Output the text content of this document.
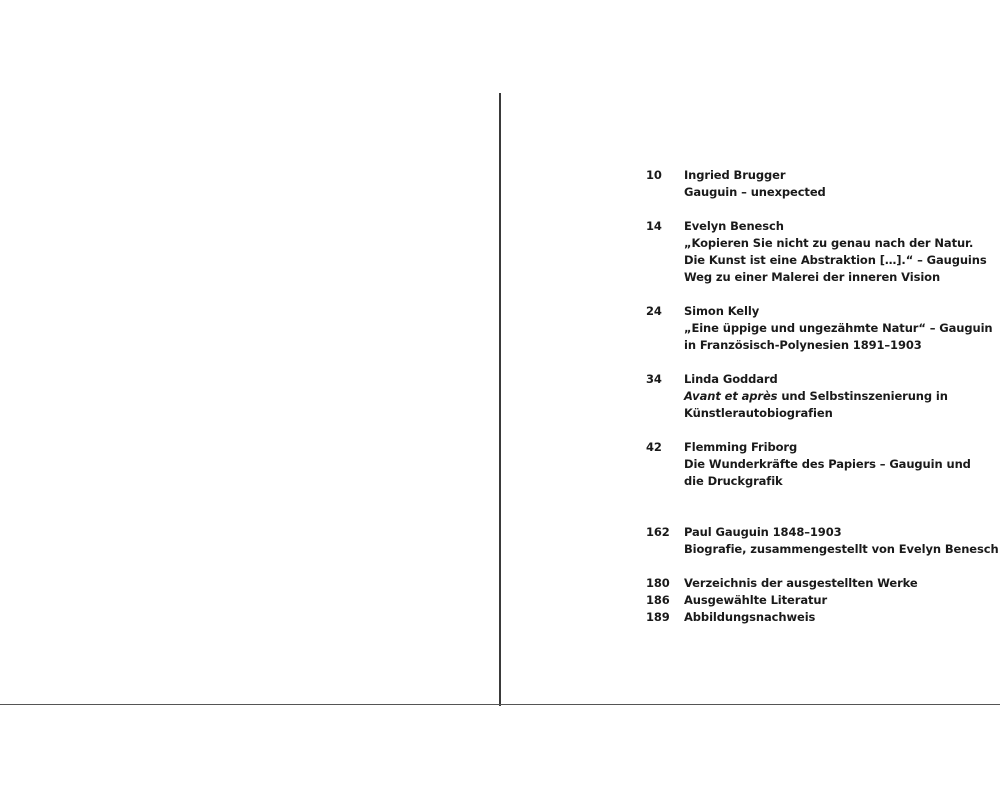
10	Ingried Brugger
Gauguin – unexpected
14	Evelyn Benesch
„Kopieren Sie nicht zu genau nach der Natur.
Die Kunst ist eine Abstraktion […].“ – Gauguins
Weg zu einer Malerei der inneren Vision
24	Simon Kelly
„Eine üppige und ungezähmte Natur“ – Gauguin
in Französisch-Polynesien 1891–1903
34	Linda Goddard
Avant et après und Selbstinszenierung in
Künstlerautobiografien
42	Flemming Friborg
Die Wunderkräfte des Papiers – Gauguin und
die Druckgrafik
162	Paul Gauguin 1848–1903
Biografie, zusammengestellt von Evelyn Benesch
180	Verzeichnis der ausgestellten Werke
186	Ausgewählte Literatur
189	Abbildungsnachweis
